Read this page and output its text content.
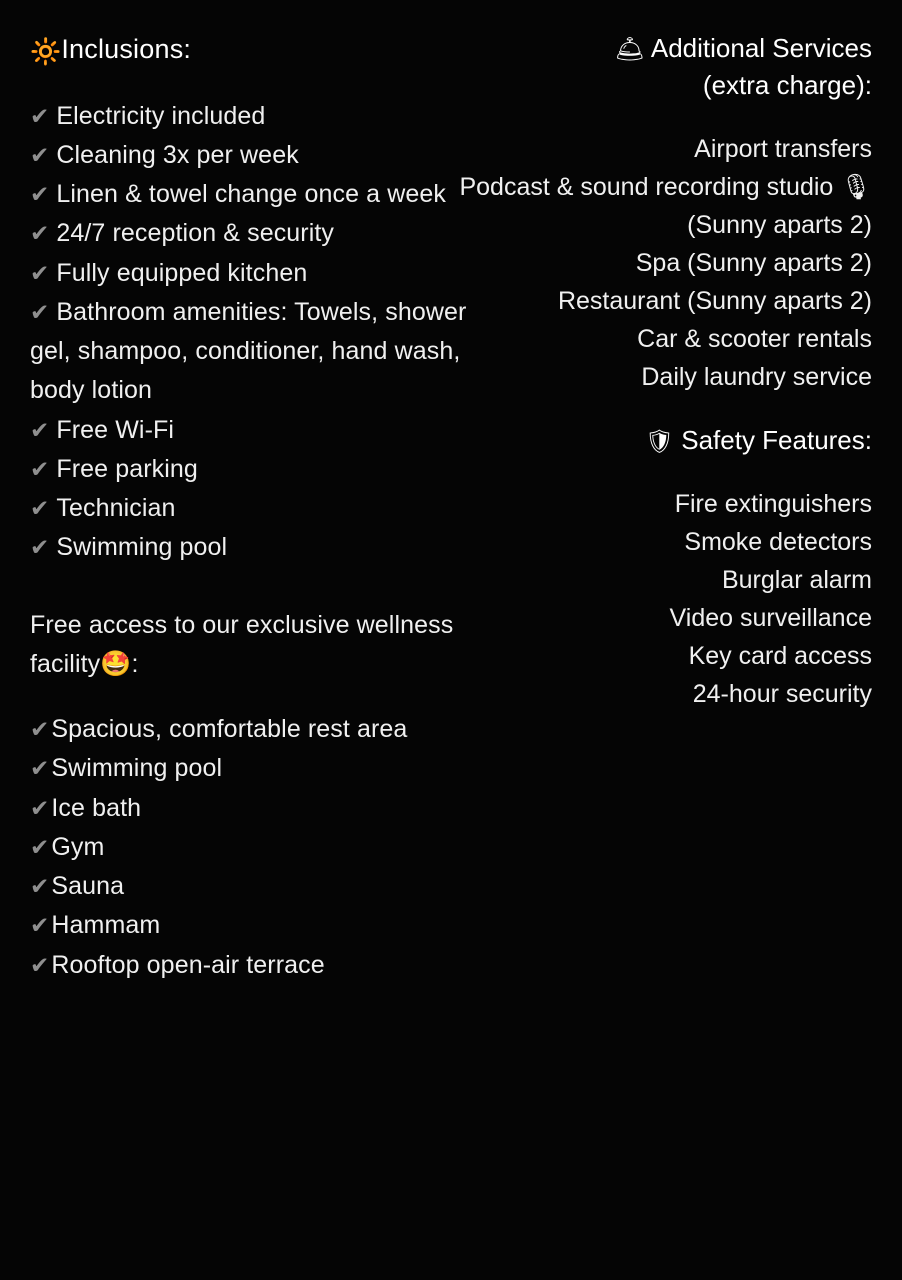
🔆Inclusions:
✔ Electricity included
✔ Cleaning 3x per week
✔ Linen & towel change once a week
✔ 24/7 reception & security
✔ Fully equipped kitchen
✔ Bathroom amenities: Towels, shower gel, shampoo, conditioner, hand wash, body lotion
✔ Free Wi-Fi
✔ Free parking
✔ Technician
✔ Swimming pool
Free access to our exclusive wellness facility🤩:
✔Spacious, comfortable rest area
✔Swimming pool
✔Ice bath
✔Gym
✔Sauna
✔Hammam
✔Rooftop open-air terrace
🛎 Additional Services
(extra charge):
Airport transfers
Podcast & sound recording studio 🎙 (Sunny aparts 2)
Spa (Sunny aparts 2)
Restaurant (Sunny aparts 2)
Car & scooter rentals
Daily laundry service
🛡 Safety Features:
Fire extinguishers
Smoke detectors
Burglar alarm
Video surveillance
Key card access
24-hour security
